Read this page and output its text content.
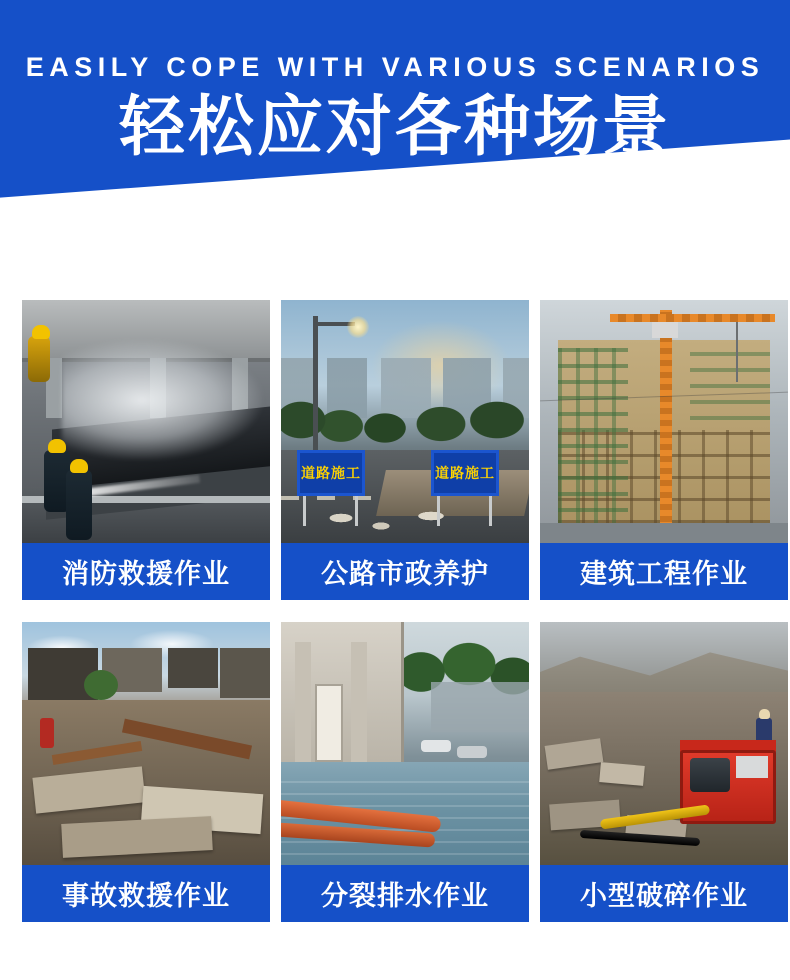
EASILY COPE WITH VARIOUS SCENARIOS
轻松应对各种场景
省时省力 多种场景轻松搞定
得奥
消防救援作业
道路施工	道路施工
公路市政养护	建筑工程作业
事故救援作业	分裂排水作业	小型破碎作业
